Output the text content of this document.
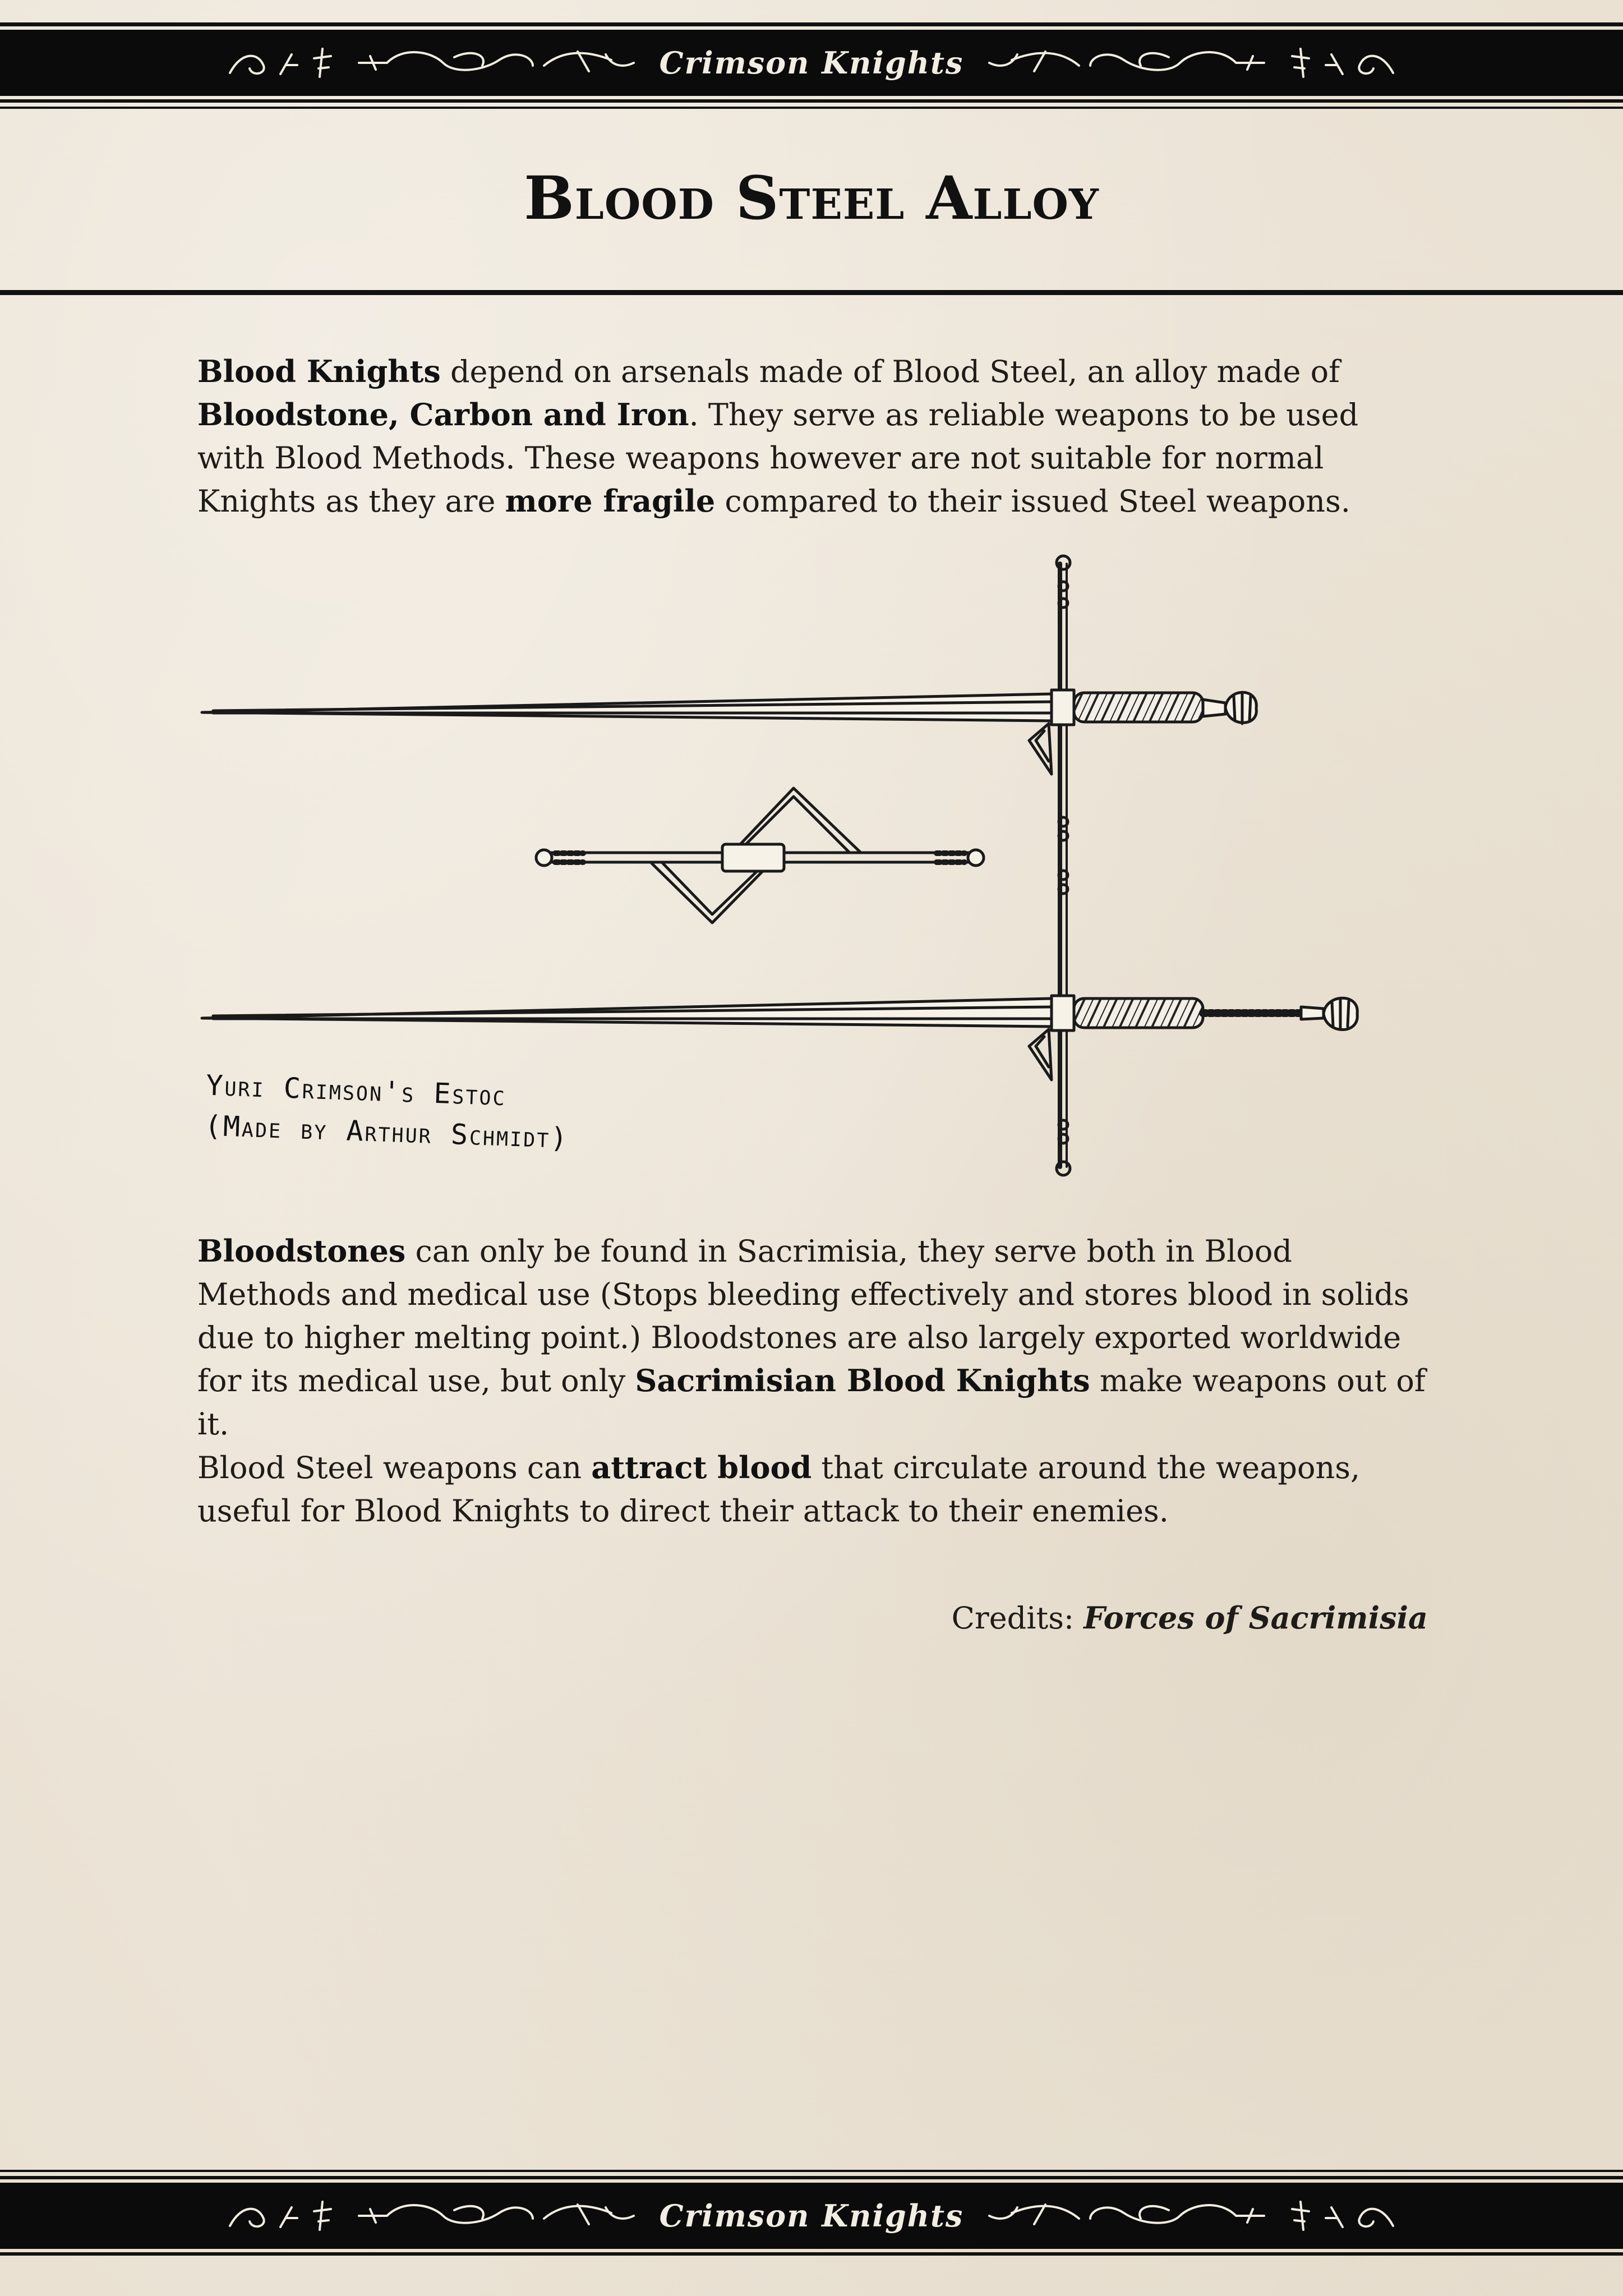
Crimson Knights
Blood Steel Alloy

Blood Knights depend on arsenals made of Blood Steel, an alloy made of Bloodstone, Carbon and Iron. They serve as reliable weapons to be used with Blood Methods. These weapons however are not suitable for normal Knights as they are more fragile compared to their issued Steel weapons.

Yuri Crimson's Estoc
(Made by Arthur Schmidt)

Bloodstones can only be found in Sacrimisia, they serve both in Blood Methods and medical use (Stops bleeding effectively and stores blood in solids due to higher melting point.) Bloodstones are also largely exported worldwide for its medical use, but only Sacrimisian Blood Knights make weapons out of it.

Blood Steel weapons can attract blood that circulate around the weapons, useful for Blood Knights to direct their attack to their enemies.

Credits: Forces of Sacrimisia

Crimson Knights
